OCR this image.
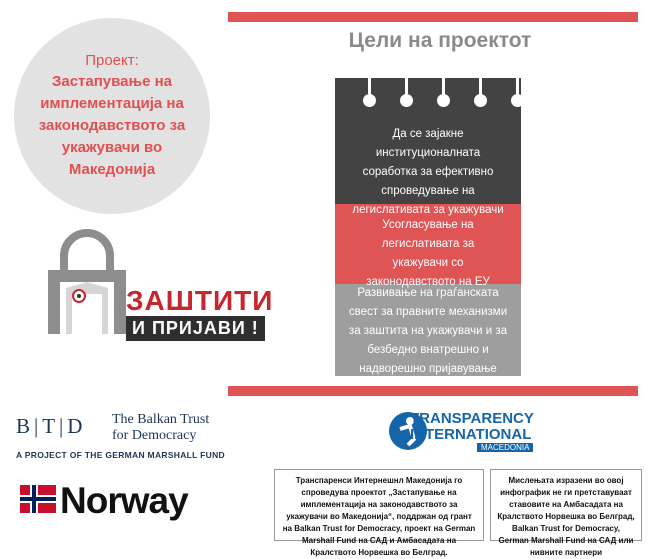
Проект:
Застапување на имплементација на законодавството за укажувачи во Македонија
Цели на проектот
Да се зајакне институционалната соработка за ефективно спроведување на легислативата за укажувачи
Усогласување на легислативата за укажувачи со законодавството на ЕУ
Развивање на граѓанската свест за правните механизми за заштита на укажувачи и за безбедно внатрешно и надворешно пријавување
ЗАШТИТИ
И ПРИЈАВИ !
B|T|D The Balkan Trust for Democracy
A PROJECT OF THE GERMAN MARSHALL FUND
Norway
TRANSPARENCY
INTERNATIONAL
MACEDONIA
Транспаренси Интернешнл Македонија го спроведува проектот „Застапување на имплементација на законодавството за укажувачи во Македонија“, поддржан од грант на Balkan Trust for Democracy, проект на German Marshall Fund на САД и Амбасадата на Кралството Норвешка во Белград.
Мислењата изразени во овој инфографик не ги претставуваат ставовите на Амбасадата на Кралството Норвешка во Белград, Balkan Trust for Democracy, German Marshall Fund на САД или нивните партнери
